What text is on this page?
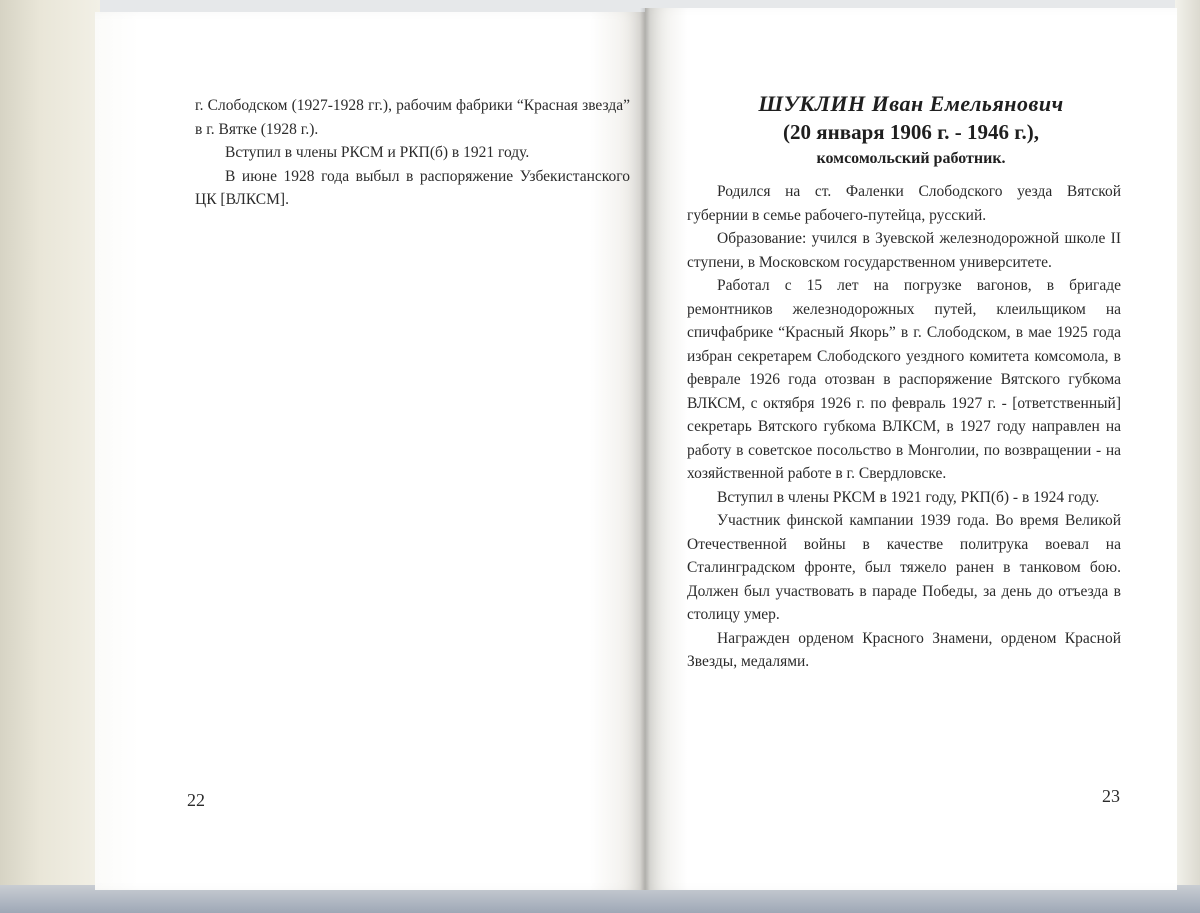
г. Слободском (1927-1928 гг.), рабочим фабрики “Красная звезда” в г. Вятке (1928 г.).

Вступил в члены РКСМ и РКП(б) в 1921 году.

В июне 1928 года выбыл в распоряжение Узбекистанского ЦК [ВЛКСМ].

22
ШУКЛИН Иван Емельянович
(20 января 1906 г. - 1946 г.),
комсомольский работник.

Родился на ст. Фаленки Слободского уезда Вятской губернии в семье рабочего-путейца, русский.

Образование: учился в Зуевской железнодорожной школе II ступени, в Московском государственном университете.

Работал с 15 лет на погрузке вагонов, в бригаде ремонтников железнодорожных путей, клеильщиком на спичфабрике “Красный Якорь” в г. Слободском, в мае 1925 года избран секретарем Слободского уездного комитета комсомола, в феврале 1926 года отозван в распоряжение Вятского губкома ВЛКСМ, с октября 1926 г. по февраль 1927 г. - [ответственный] секретарь Вятского губкома ВЛКСМ, в 1927 году направлен на работу в советское посольство в Монголии, по возвращении - на хозяйственной работе в г. Свердловске.

Вступил в члены РКСМ в 1921 году, РКП(б) - в 1924 году.

Участник финской кампании 1939 года. Во время Великой Отечественной войны в качестве политрука воевал на Сталинградском фронте, был тяжело ранен в танковом бою. Должен был участвовать в параде Победы, за день до отъезда в столицу умер.

Награжден орденом Красного Знамени, орденом Красной Звезды, медалями.

23
